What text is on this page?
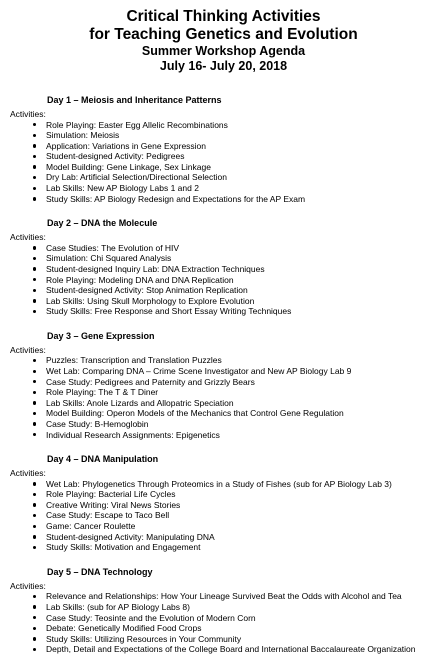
Critical Thinking Activities
for Teaching Genetics and Evolution
Summer Workshop Agenda
July 16- July 20, 2018
Day 1 – Meiosis and Inheritance Patterns
Activities:
Role Playing: Easter Egg Allelic Recombinations
Simulation: Meiosis
Application: Variations in Gene Expression
Student-designed Activity: Pedigrees
Model Building: Gene Linkage, Sex Linkage
Dry Lab: Artificial Selection/Directional Selection
Lab Skills: New AP Biology Labs 1 and 2
Study Skills: AP Biology Redesign and Expectations for the AP Exam
Day 2 – DNA the Molecule
Activities:
Case Studies: The Evolution of HIV
Simulation: Chi Squared Analysis
Student-designed Inquiry Lab: DNA Extraction Techniques
Role Playing: Modeling DNA and DNA Replication
Student-designed Activity: Stop Animation Replication
Lab Skills: Using Skull Morphology to Explore Evolution
Study Skills: Free Response and Short Essay Writing Techniques
Day 3 – Gene Expression
Activities:
Puzzles: Transcription and Translation Puzzles
Wet Lab: Comparing DNA – Crime Scene Investigator and New AP Biology Lab 9
Case Study: Pedigrees and Paternity and Grizzly Bears
Role Playing: The T & T Diner
Lab Skills: Anole Lizards and Allopatric Speciation
Model Building: Operon Models of the Mechanics that Control Gene Regulation
Case Study: B-Hemoglobin
Individual Research Assignments: Epigenetics
Day 4 – DNA Manipulation
Activities:
Wet Lab: Phylogenetics Through Proteomics in a Study of Fishes (sub for AP Biology Lab 3)
Role Playing: Bacterial Life Cycles
Creative Writing: Viral News Stories
Case Study: Escape to Taco Bell
Game: Cancer Roulette
Student-designed Activity: Manipulating DNA
Study Skills: Motivation and Engagement
Day 5 – DNA Technology
Activities:
Relevance and Relationships: How Your Lineage Survived Beat the Odds with Alcohol and Tea
Lab Skills: (sub for AP Biology Labs 8)
Case Study: Teosinte and the Evolution of Modern Corn
Debate: Genetically Modified Food Crops
Study Skills: Utilizing Resources in Your Community
Depth, Detail and Expectations of the College Board and International Baccalaureate Organization
